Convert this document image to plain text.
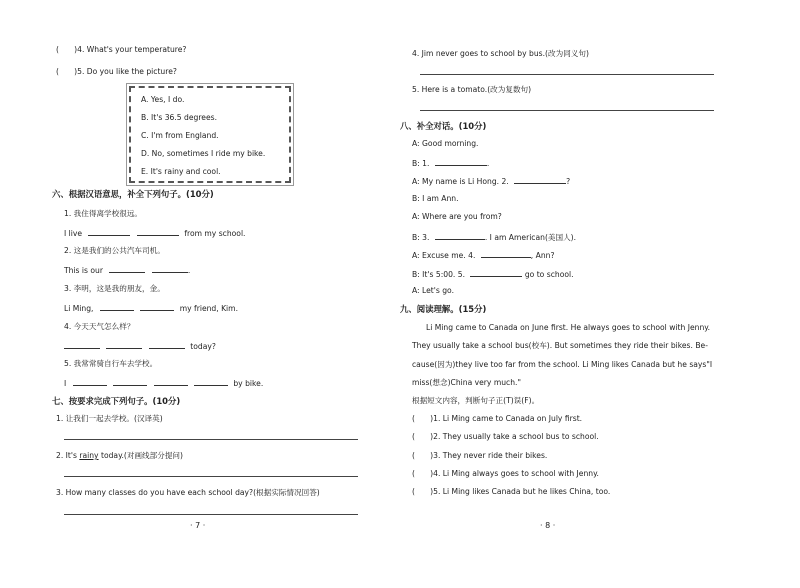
(　　)4. What's your temperature?
(　　)5. Do you like the picture?
A. Yes, I do.
B. It's 36.5 degrees.
C. I'm from England.
D. No, sometimes I ride my bike.
E. It's rainy and cool.
六、根据汉语意思，补全下列句子。(10分)
1. 我住得离学校很远。
I live	from my school.
2. 这是我们的公共汽车司机。
This is our	.
3. 李明，这是我的朋友，金。
Li Ming,	my friend, Kim.
4. 今天天气怎么样？
today?
5. 我常常骑自行车去学校。
I	by bike.
七、按要求完成下列句子。(10分)
1. 让我们一起去学校。(汉译英)
2. It's rainy today.(对画线部分提问)
3. How many classes do you have each school day?(根据实际情况回答)
· 7 ·
4. Jim never goes to school by bus.(改为同义句)
5. Here is a tomato.(改为复数句)
八、补全对话。(10分)
A: Good morning.
B: 1.	.
A: My name is Li Hong. 2.	?
B: I am Ann.
A: Where are you from?
B: 3.	. I am American(美国人).
A: Excuse me. 4.	, Ann?
B: It's 5:00. 5.	go to school.
A: Let's go.
九、阅读理解。(15分)
Li Ming came to Canada on June first. He always goes to school with Jenny.
They usually take a school bus(校车). But sometimes they ride their bikes. Be-
cause(因为)they live too far from the school. Li Ming likes Canada but he says"I
miss(想念)China very much."
根据短文内容，判断句子正(T)误(F)。
(　　)1. Li Ming came to Canada on July first.
(　　)2. They usually take a school bus to school.
(　　)3. They never ride their bikes.
(　　)4. Li Ming always goes to school with Jenny.
(　　)5. Li Ming likes Canada but he likes China, too.
· 8 ·
